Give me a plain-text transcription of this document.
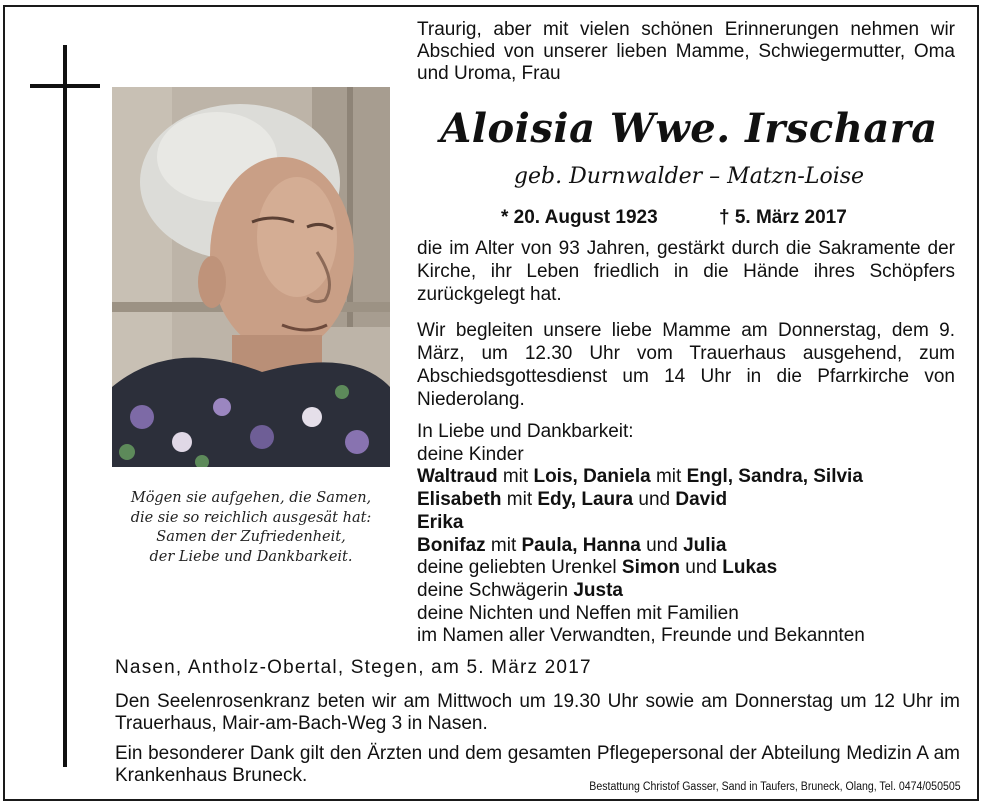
Mögen sie aufgehen, die Samen,
die sie so reichlich ausgesät hat:
Samen der Zufriedenheit,
der Liebe und Dankbarkeit.
Traurig, aber mit vielen schönen Erinnerungen nehmen wir Abschied von unserer lieben Mamme, Schwiegermutter, Oma und Uroma, Frau
Aloisia Wwe. Irschara
geb. Durnwalder – Matzn-Loise
* 20. August 1923	† 5. März 2017
die im Alter von 93 Jahren, gestärkt durch die Sakramente der Kirche, ihr Leben friedlich in die Hände ihres Schöpfers zurückgelegt hat.
Wir begleiten unsere liebe Mamme am Donnerstag, dem 9. März, um 12.30 Uhr vom Trauerhaus ausgehend, zum Abschiedsgottesdienst um 14 Uhr in die Pfarrkirche von Niederolang.
In Liebe und Dankbarkeit:
deine Kinder
Waltraud mit Lois, Daniela mit Engl, Sandra, Silvia
Elisabeth mit Edy, Laura und David
Erika
Bonifaz mit Paula, Hanna und Julia
deine geliebten Urenkel Simon und Lukas
deine Schwägerin Justa
deine Nichten und Neffen mit Familien
im Namen aller Verwandten, Freunde und Bekannten
Nasen, Antholz-Obertal, Stegen, am 5. März 2017
Den Seelenrosenkranz beten wir am Mittwoch um 19.30 Uhr sowie am Donnerstag um 12 Uhr im Trauerhaus, Mair-am-Bach-Weg 3 in Nasen.
Ein besonderer Dank gilt den Ärzten und dem gesamten Pflegepersonal der Abteilung Medizin A am Krankenhaus Bruneck.
Bestattung Christof Gasser, Sand in Taufers, Bruneck, Olang, Tel. 0474/050505
